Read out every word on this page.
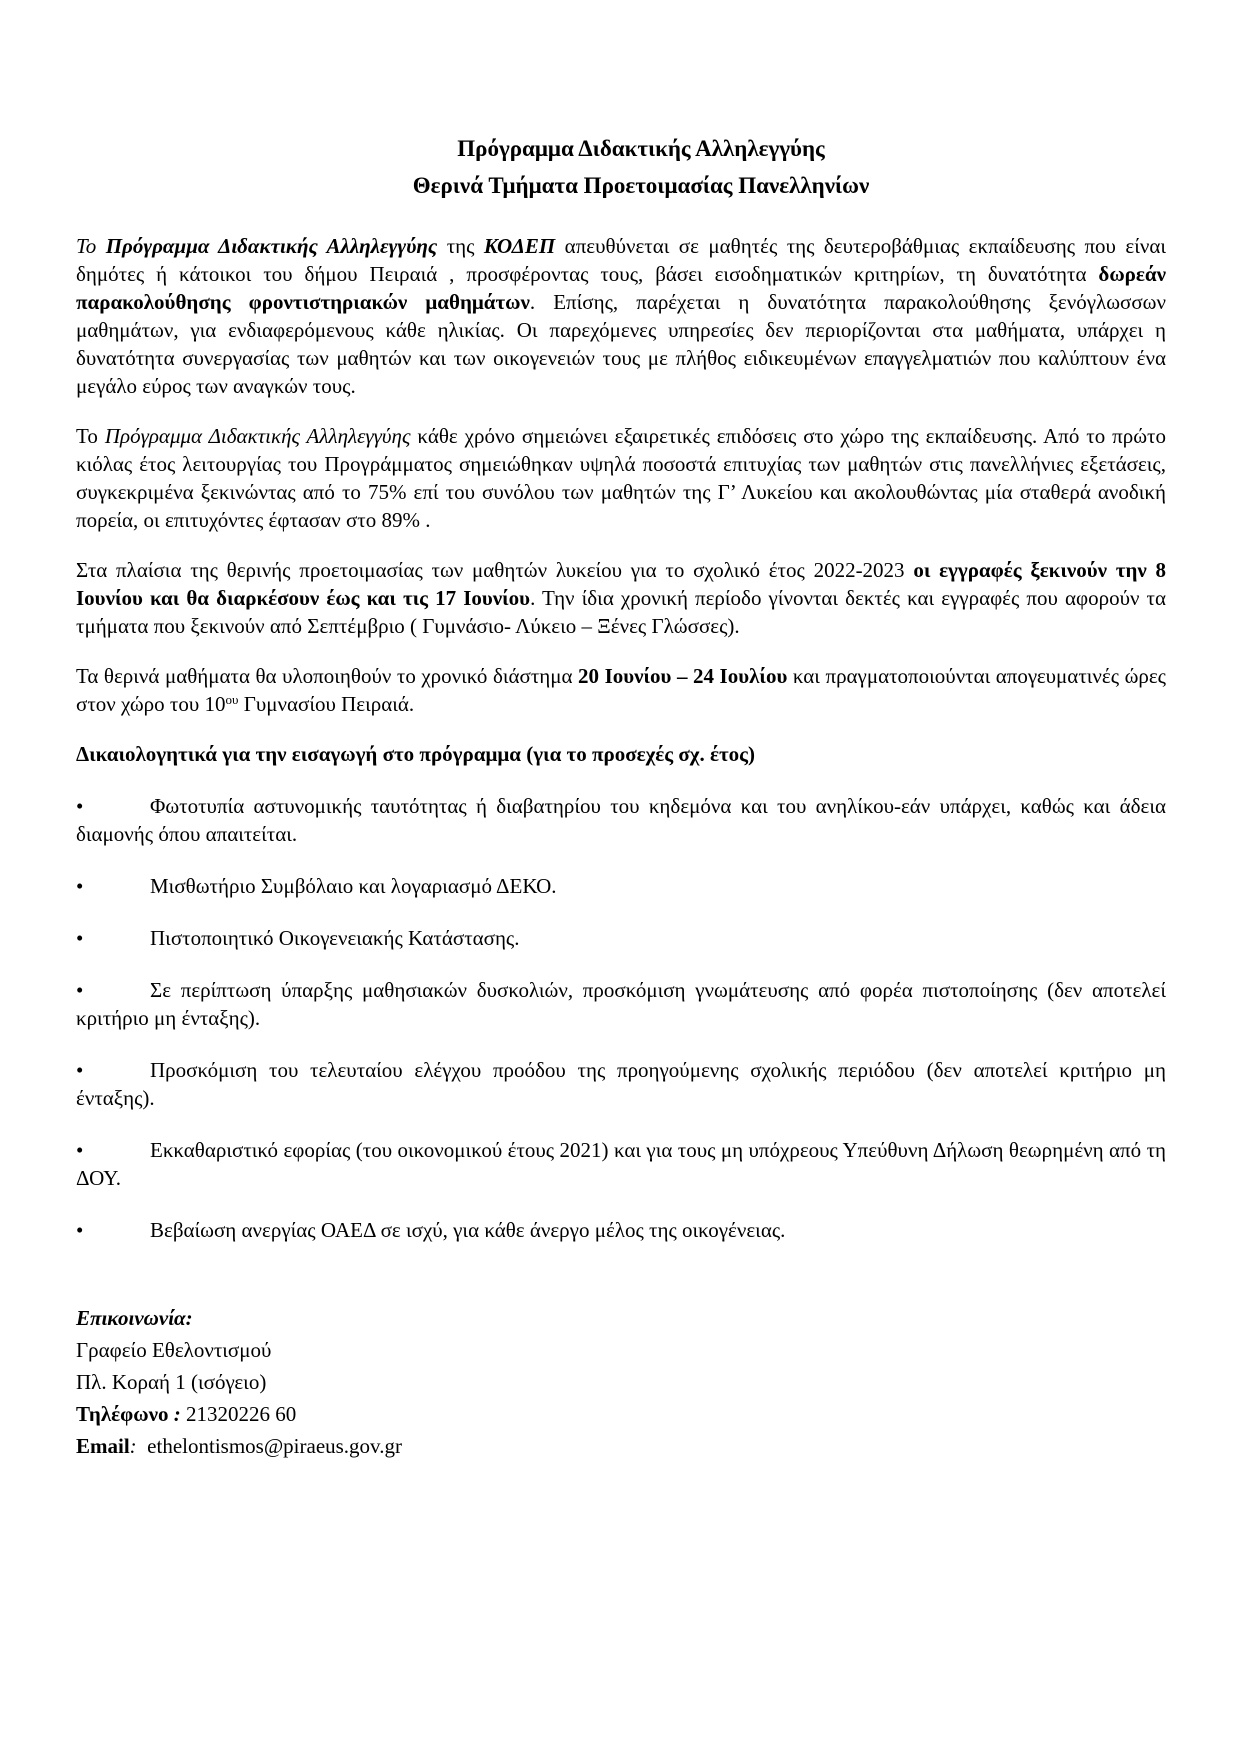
Πρόγραμμα Διδακτικής Αλληλεγγύης
Θερινά Τμήματα Προετοιμασίας Πανελληνίων

Το Πρόγραμμα Διδακτικής Αλληλεγγύης της ΚΟΔΕΠ απευθύνεται σε μαθητές της δευτεροβάθμιας εκπαίδευσης που είναι δημότες ή κάτοικοι του δήμου Πειραιά , προσφέροντας τους, βάσει εισοδηματικών κριτηρίων, τη δυνατότητα δωρεάν παρακολούθησης φροντιστηριακών μαθημάτων. Επίσης, παρέχεται η δυνατότητα παρακολούθησης ξενόγλωσσων μαθημάτων, για ενδιαφερόμενους κάθε ηλικίας. Οι παρεχόμενες υπηρεσίες δεν περιορίζονται στα μαθήματα, υπάρχει η δυνατότητα συνεργασίας των μαθητών και των οικογενειών τους με πλήθος ειδικευμένων επαγγελματιών που καλύπτουν ένα μεγάλο εύρος των αναγκών τους.

Το Πρόγραμμα Διδακτικής Αλληλεγγύης κάθε χρόνο σημειώνει εξαιρετικές επιδόσεις στο χώρο της εκπαίδευσης. Από το πρώτο κιόλας έτος λειτουργίας του Προγράμματος σημειώθηκαν υψηλά ποσοστά επιτυχίας των μαθητών στις πανελλήνιες εξετάσεις, συγκεκριμένα ξεκινώντας από το 75% επί του συνόλου των μαθητών της Γ’ Λυκείου και ακολουθώντας μία σταθερά ανοδική πορεία, οι επιτυχόντες έφτασαν στο 89% .

Στα πλαίσια της θερινής προετοιμασίας των μαθητών λυκείου για το σχολικό έτος 2022-2023 οι εγγραφές ξεκινούν την 8 Ιουνίου και θα διαρκέσουν έως και τις 17 Ιουνίου. Την ίδια χρονική περίοδο γίνονται δεκτές και εγγραφές που αφορούν τα τμήματα που ξεκινούν από Σεπτέμβριο ( Γυμνάσιο- Λύκειο – Ξένες Γλώσσες).

Τα θερινά μαθήματα θα υλοποιηθούν το χρονικό διάστημα 20 Ιουνίου – 24 Ιουλίου και πραγματοποιούνται απογευματινές ώρες στον χώρο του $10^{o\upsilon}$ Γυμνασίου Πειραιά.

Δικαιολογητικά για την εισαγωγή στο πρόγραμμα (για το προσεχές σχ. έτος)
•	Φωτοτυπία αστυνομικής ταυτότητας ή διαβατηρίου του κηδεμόνα και του ανηλίκου-εάν υπάρχει, καθώς και άδεια διαμονής όπου απαιτείται.
•	Μισθωτήριο Συμβόλαιο και λογαριασμό ΔΕΚΟ.
•	Πιστοποιητικό Οικογενειακής Κατάστασης.
•	Σε περίπτωση ύπαρξης μαθησιακών δυσκολιών, προσκόμιση γνωμάτευσης από φορέα πιστοποίησης (δεν αποτελεί κριτήριο μη ένταξης).
•	Προσκόμιση του τελευταίου ελέγχου προόδου της προηγούμενης σχολικής περιόδου (δεν αποτελεί κριτήριο μη ένταξης).
•	Εκκαθαριστικό εφορίας (του οικονομικού έτους 2021) και για τους μη υπόχρεους Υπεύθυνη Δήλωση θεωρημένη από τη ΔΟΥ.
•	Βεβαίωση ανεργίας ΟΑΕΔ σε ισχύ, για κάθε άνεργο μέλος της οικογένειας.
Επικοινωνία:
Γραφείο Εθελοντισμού
Πλ. Κοραή 1 (ισόγειο)
Τηλέφωνο : 21320226 60
Email:  ethelontismos@piraeus.gov.gr
